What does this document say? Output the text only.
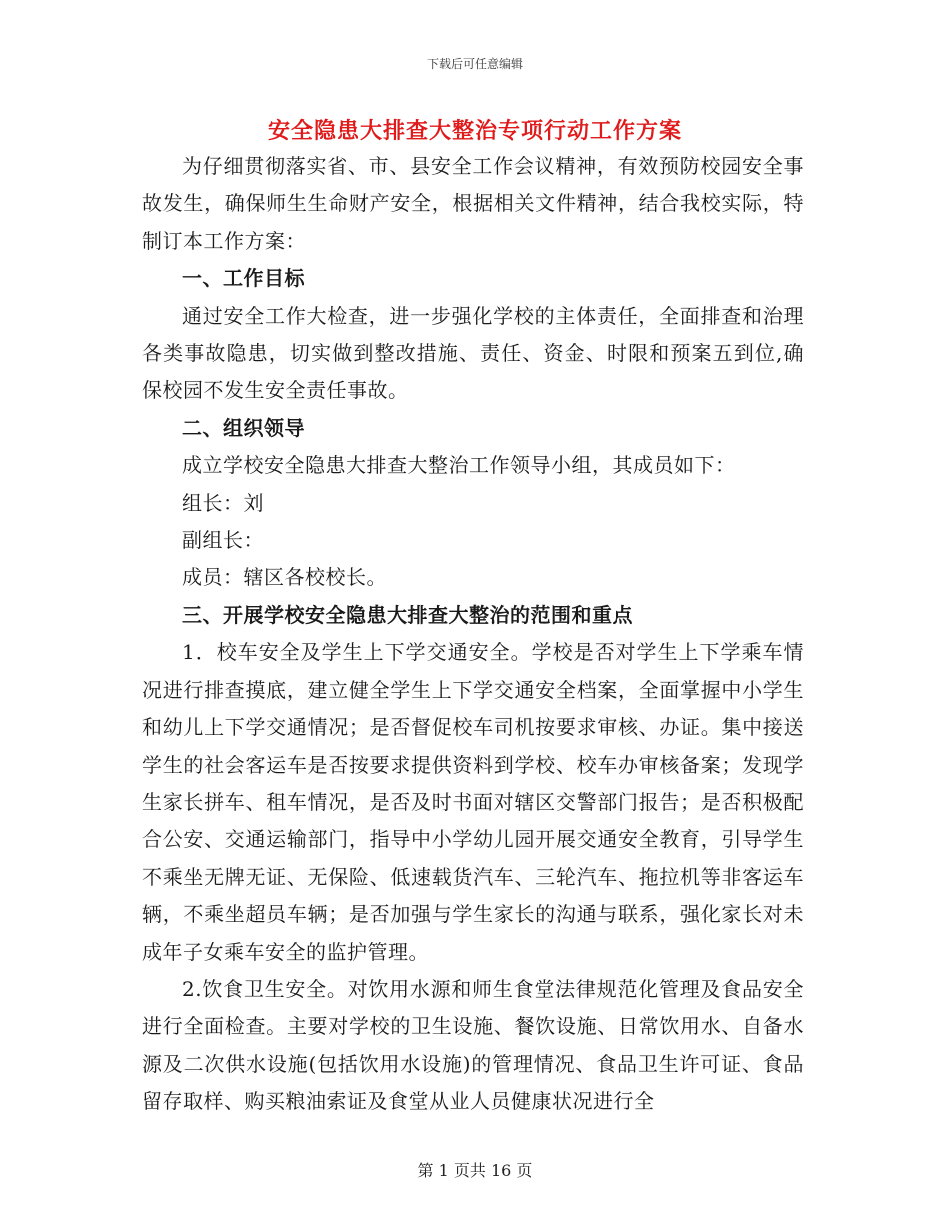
下载后可任意编辑
安全隐患大排查大整治专项行动工作方案

为仔细贯彻落实省、市、县安全工作会议精神，有效预防校园安全事故发生，确保师生生命财产安全，根据相关文件精神，结合我校实际，特制订本工作方案：

一、工作目标

通过安全工作大检查，进一步强化学校的主体责任，全面排查和治理各类事故隐患，切实做到整改措施、责任、资金、时限和预案五到位,确保校园不发生安全责任事故。

二、组织领导

成立学校安全隐患大排查大整治工作领导小组，其成员如下：

组长：刘

副组长：

成员：辖区各校校长。

三、开展学校安全隐患大排查大整治的范围和重点

1．校车安全及学生上下学交通安全。学校是否对学生上下学乘车情况进行排查摸底，建立健全学生上下学交通安全档案，全面掌握中小学生和幼儿上下学交通情况；是否督促校车司机按要求审核、办证。集中接送学生的社会客运车是否按要求提供资料到学校、校车办审核备案；发现学生家长拼车、租车情况，是否及时书面对辖区交警部门报告；是否积极配合公安、交通运输部门，指导中小学幼儿园开展交通安全教育，引导学生不乘坐无牌无证、无保险、低速载货汽车、三轮汽车、拖拉机等非客运车辆，不乘坐超员车辆；是否加强与学生家长的沟通与联系，强化家长对未成年子女乘车安全的监护管理。

2.饮食卫生安全。对饮用水源和师生食堂法律规范化管理及食品安全进行全面检查。主要对学校的卫生设施、餐饮设施、日常饮用水、自备水源及二次供水设施(包括饮用水设施)的管理情况、食品卫生许可证、食品留存取样、购买粮油索证及食堂从业人员健康状况进行全

第 1 页共 16 页
